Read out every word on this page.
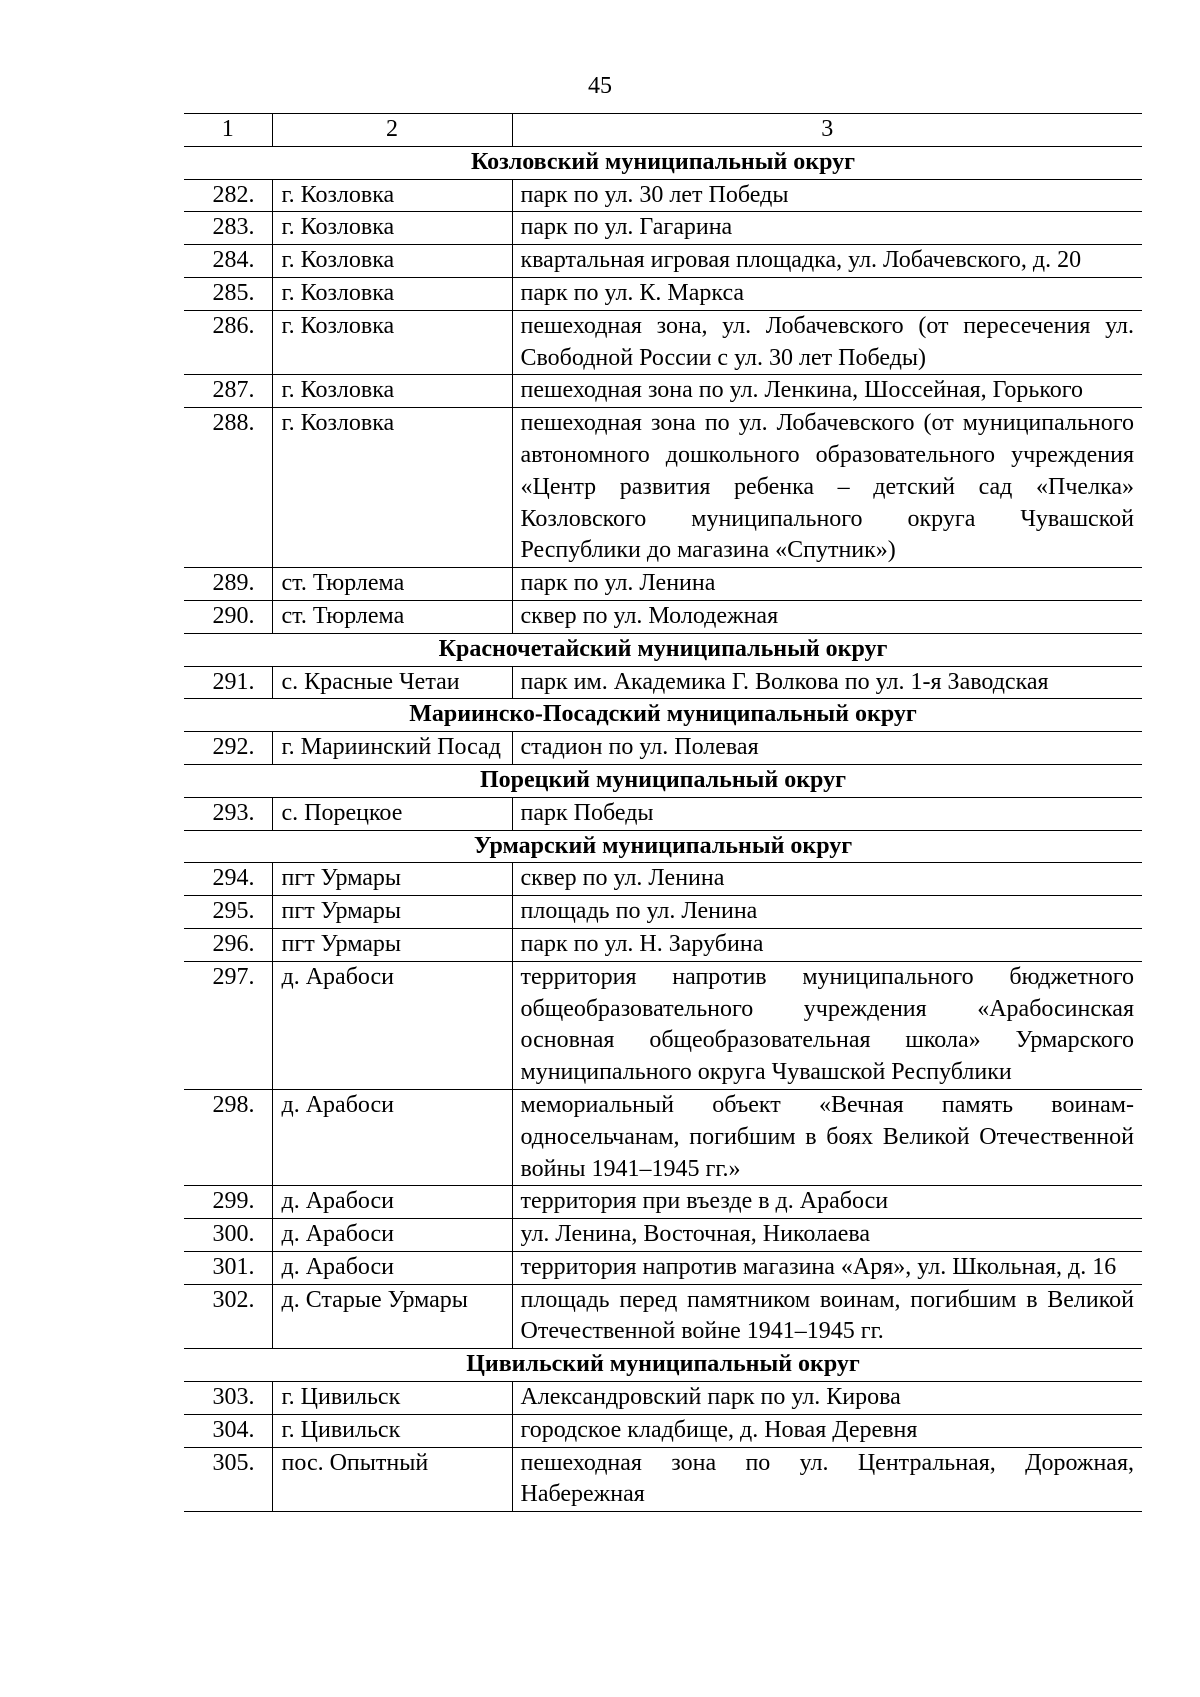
45
1	2	3
Козловский муниципальный округ		
282.	г. Козловка	парк по ул. 30 лет Победы
283.	г. Козловка	парк по ул. Гагарина
284.	г. Козловка	квартальная игровая площадка, ул. Лобачевского, д. 20
285.	г. Козловка	парк по ул. К. Маркса
286.	г. Козловка	пешеходная зона, ул. Лобачевского (от пересечения ул. Свободной России с ул. 30 лет Победы)
287.	г. Козловка	пешеходная зона по ул. Ленкина, Шоссейная, Горького
288.	г. Козловка	пешеходная зона по ул. Лобачевского (от муниципального автономного дошкольного образовательного учреждения «Центр развития ребенка – детский сад «Пчелка» Козловского муниципального округа Чувашской Республики до магазина «Спутник»)
289.	ст. Тюрлема	парк по ул. Ленина
290.	ст. Тюрлема	сквер по ул. Молодежная
Красночетайский муниципальный округ		
291.	с. Красные Четаи	парк им. Академика Г. Волкова по ул. 1-я Заводская
Мариинско-Посадский муниципальный округ		
292.	г. Мариинский Посад	стадион по ул. Полевая
Порецкий муниципальный округ		
293.	с. Порецкое	парк Победы
Урмарский муниципальный округ		
294.	пгт Урмары	сквер по ул. Ленина
295.	пгт Урмары	площадь по ул. Ленина
296.	пгт Урмары	парк по ул. Н. Зарубина
297.	д. Арабоси	территория напротив муниципального бюджетного общеобразовательного учреждения «Арабосинская основная общеобразовательная школа» Урмарского муниципального округа Чувашской Республики
298.	д. Арабоси	мемориальный объект «Вечная память воинам-односельчанам, погибшим в боях Великой Отечественной войны 1941–1945 гг.»
299.	д. Арабоси	территория при въезде в д. Арабоси
300.	д. Арабоси	ул. Ленина, Восточная, Николаева
301.	д. Арабоси	территория напротив магазина «Аря», ул. Школьная, д. 16
302.	д. Старые Урмары	площадь перед памятником воинам, погибшим в Великой Отечественной войне 1941–1945 гг.
Цивильский муниципальный округ		
303.	г. Цивильск	Александровский парк по ул. Кирова
304.	г. Цивильск	городское кладбище, д. Новая Деревня
305.	пос. Опытный	пешеходная зона по ул. Центральная, Дорожная, Набережная
